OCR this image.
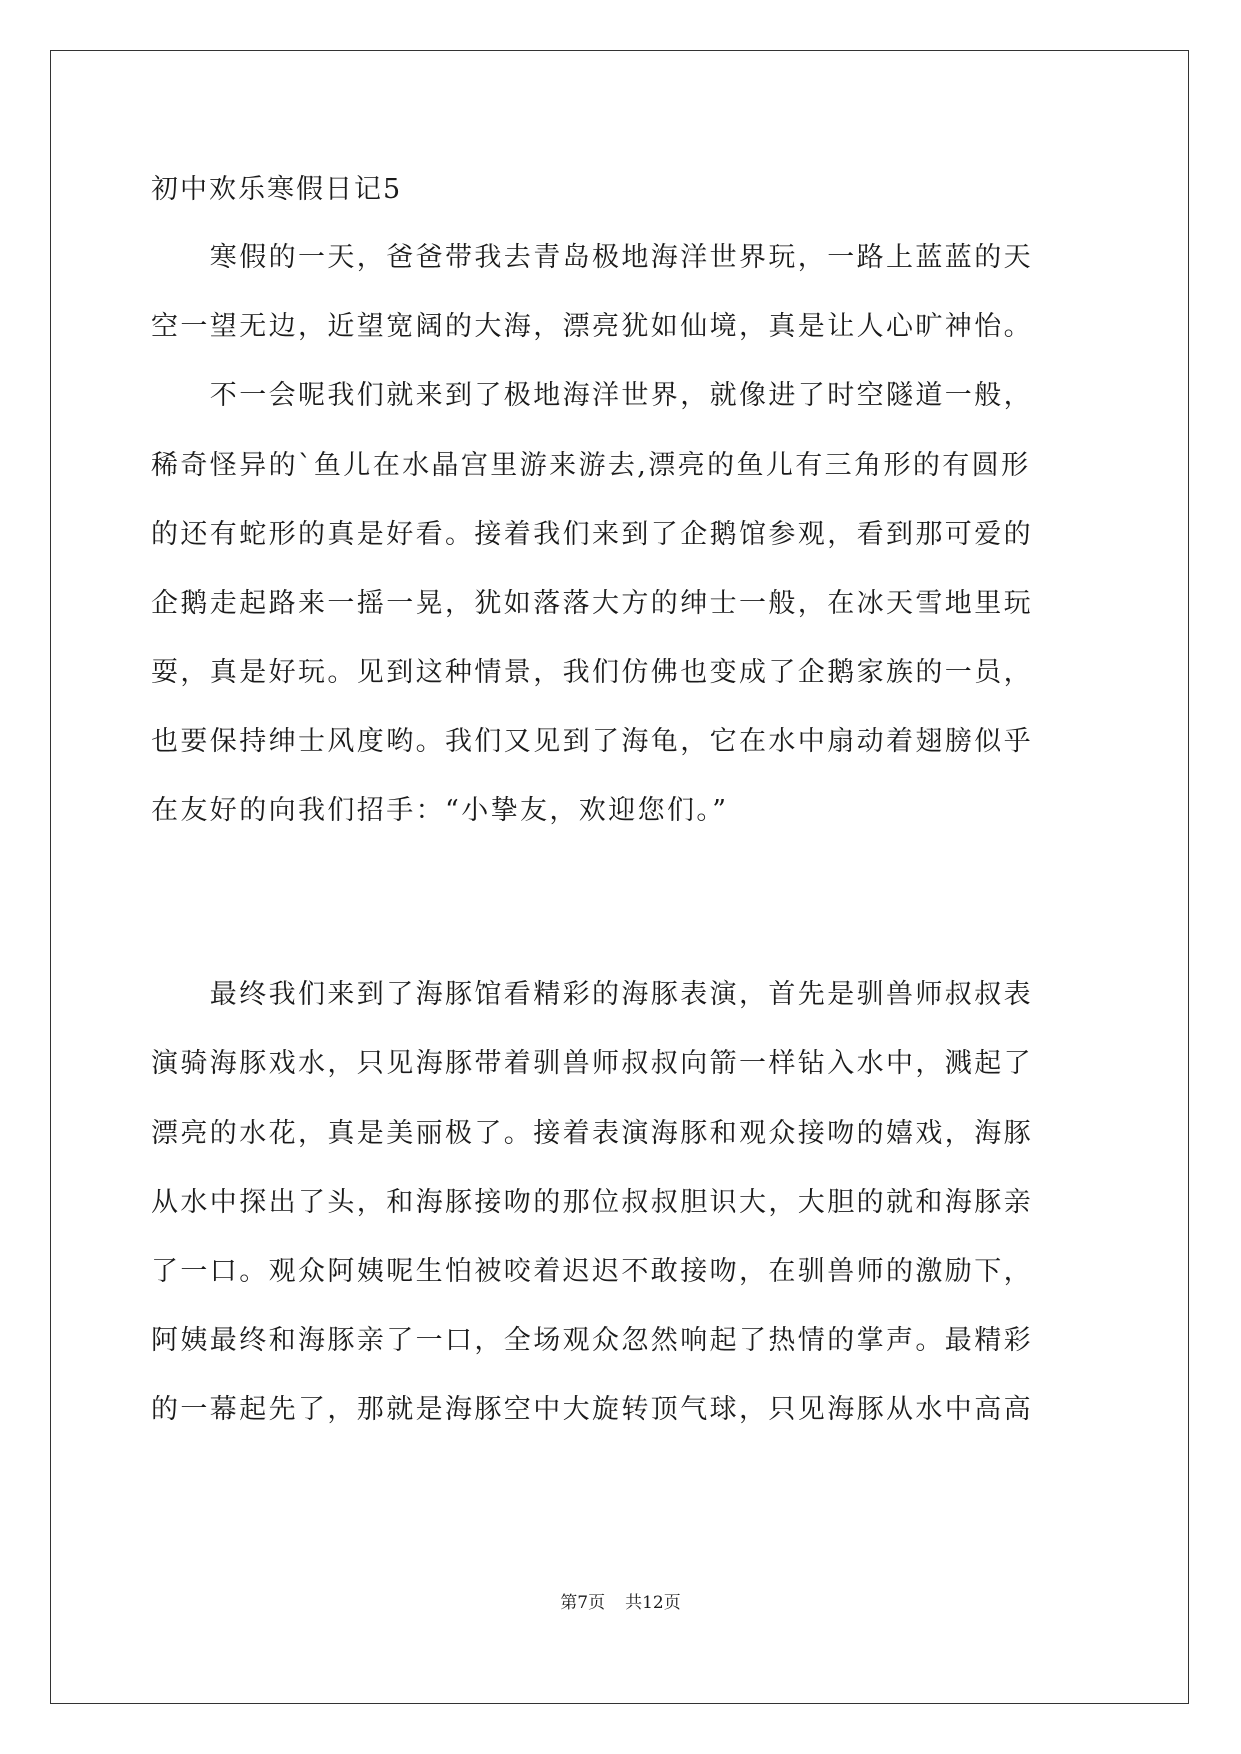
初中欢乐寒假日记5
　　寒假的一天，爸爸带我去青岛极地海洋世界玩，一路上蓝蓝的天
空一望无边，近望宽阔的大海，漂亮犹如仙境，真是让人心旷神怡。
　　不一会呢我们就来到了极地海洋世界，就像进了时空隧道一般，
稀奇怪异的`鱼儿在水晶宫里游来游去,漂亮的鱼儿有三角形的有圆形
的还有蛇形的真是好看。接着我们来到了企鹅馆参观，看到那可爱的
企鹅走起路来一摇一晃，犹如落落大方的绅士一般，在冰天雪地里玩
耍，真是好玩。见到这种情景，我们仿佛也变成了企鹅家族的一员，
也要保持绅士风度哟。我们又见到了海龟，它在水中扇动着翅膀似乎
在友好的向我们招手：“小挚友，欢迎您们。”
　　最终我们来到了海豚馆看精彩的海豚表演，首先是驯兽师叔叔表
演骑海豚戏水，只见海豚带着驯兽师叔叔向箭一样钻入水中，溅起了
漂亮的水花，真是美丽极了。接着表演海豚和观众接吻的嬉戏，海豚
从水中探出了头，和海豚接吻的那位叔叔胆识大，大胆的就和海豚亲
了一口。观众阿姨呢生怕被咬着迟迟不敢接吻，在驯兽师的激励下，
阿姨最终和海豚亲了一口，全场观众忽然响起了热情的掌声。最精彩
的一幕起先了，那就是海豚空中大旋转顶气球，只见海豚从水中高高
第7页 共12页
